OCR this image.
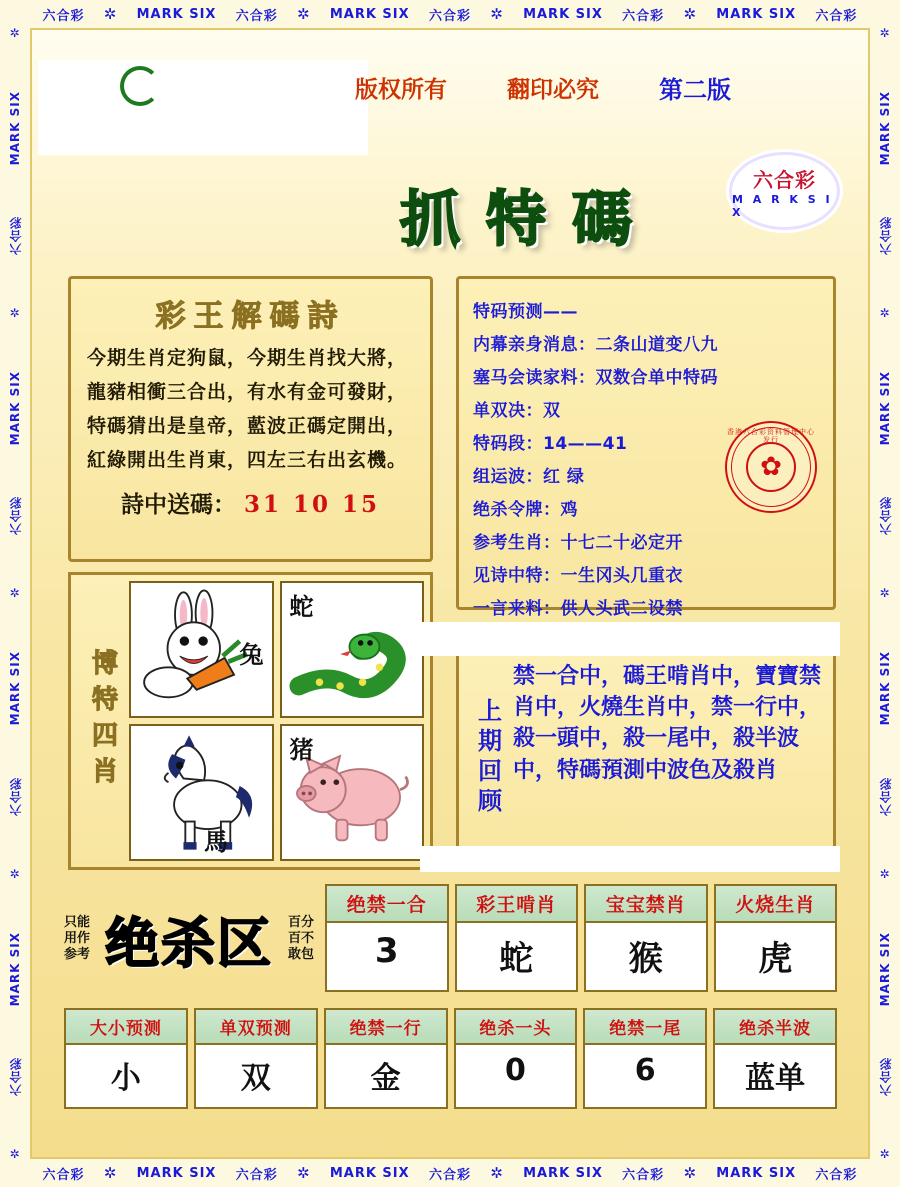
六合彩 ✲ MARK SIX 六合彩 ✲ MARK SIX 六合彩 ✲ MARK SIX 六合彩 ✲ MARK SIX 六合彩
六合彩 ✲ MARK SIX 六合彩 ✲ MARK SIX 六合彩 ✲ MARK SIX 六合彩 ✲ MARK SIX 六合彩
✲
MARK SIX
六合彩
✲
MARK SIX
六合彩
✲
MARK SIX
六合彩
✲
MARK SIX
六合彩
✲
✲
MARK SIX
六合彩
✲
MARK SIX
六合彩
✲
MARK SIX
六合彩
✲
MARK SIX
六合彩
✲
版权所有	翻印必究	第二版
抓特碼
六合彩
M A R K S I X
彩王解碼詩
今期生肖定狗鼠，今期生肖找大將，
龍豬相衝三合出，有水有金可發財，
特碼猜出是皇帝，藍波正碼定開出，
紅綠開出生肖東，四左三右出玄機。
詩中送碼： 31 10 15
特码预测——
内幕亲身消息：二条山道变八九
塞马会读家料：双数合单中特码
单双决：双
特码段：14——41
组运波：红 绿
绝杀令牌：鸡
参考生肖：十七二十必定开
见诗中特：一生冈头几重衣
一言来料：供人头武二设禁
香港六合彩资料管理中心发行
✿
博特四肖	兔
蛇
馬
猪	上期回顾
禁一合中，碼王啃肖中，寶寶禁肖中，火燒生肖中，禁一行中，殺一頭中，殺一尾中，殺半波中，特碼預測中波色及殺肖
只能用作参考 绝杀区	百分百不敢包
绝禁一合
3
彩王啃肖
蛇
宝宝禁肖
猴
火烧生肖
虎
大小预测
小
单双预测
双
绝禁一行
金
绝杀一头
0
绝禁一尾
6
绝杀半波
蓝单
